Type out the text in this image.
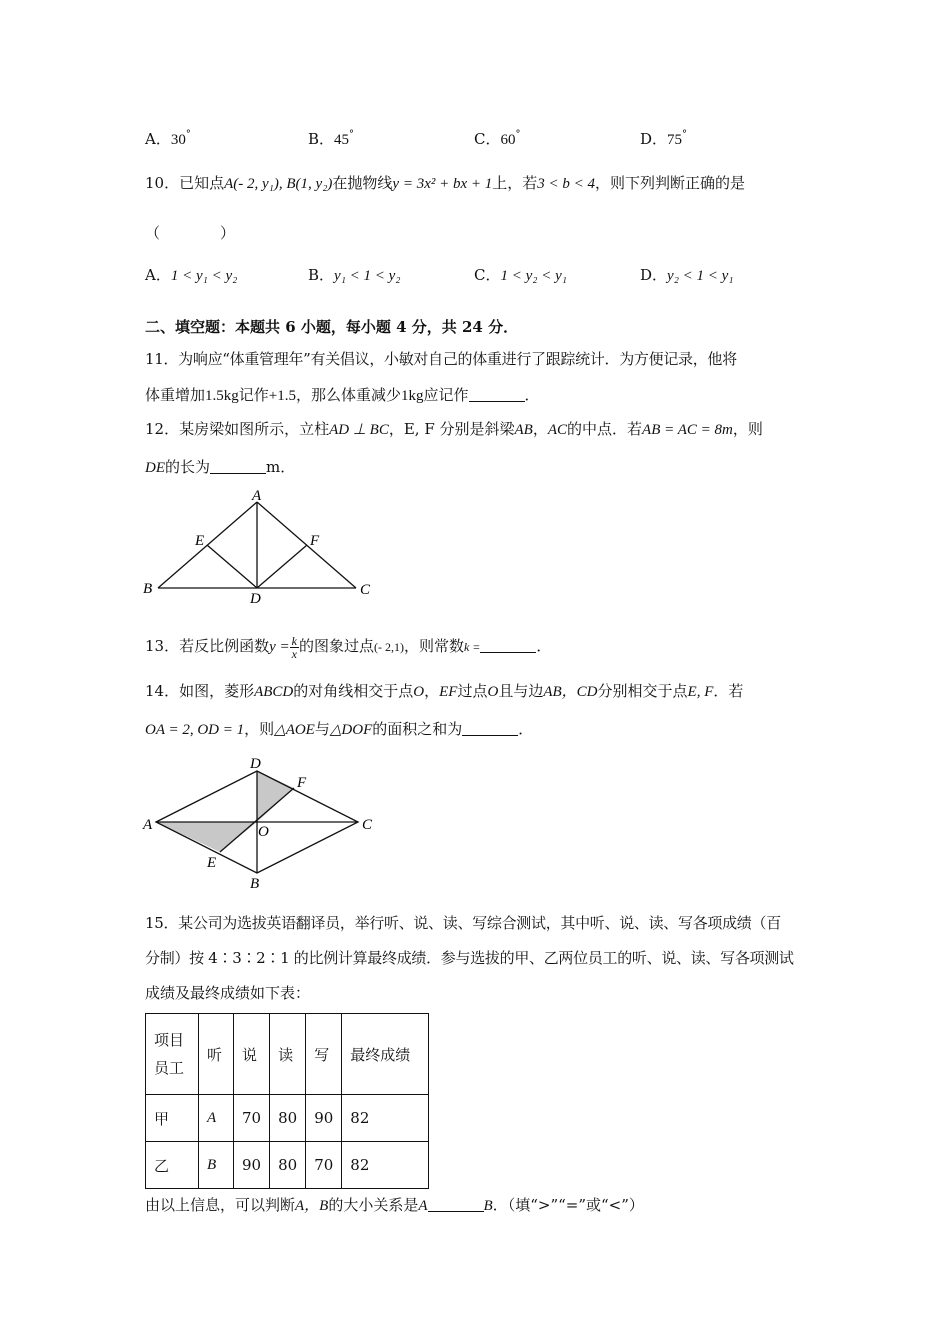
A．30°	B．45°	C．60°	D．75°
10．已知点A(- 2, y₁), B(1, y₂)在抛物线y = 3x² + bx + 1上，若3 < b < 4，则下列判断正确的是
（　　　　）
A．1 < y₁ < y₂	B．y₁ < 1 < y₂	C．1 < y₂ < y₁	D．y₂ < 1 < y₁
二、填空题：本题共 6 小题，每小题 4 分，共 24 分．
11．为响应“体重管理年”有关倡议，小敏对自己的体重进行了跟踪统计．为方便记录，他将
体重增加1.5kg记作+1.5，那么体重减少1kg应记作	．
12．某房梁如图所示，立柱AD ⊥ BC，E, F 分别是斜梁AB，AC的中点．若AB = AC = 8m，则
DE的长为	m．
A
B	C
D
E	F
13．若反比例函数$y = \frac{k}{x}$ 的图象过点(- 2,1)，则常数k =	．
14．如图，菱形ABCD的对角线相交于点O，EF过点O且与边AB，CD分别相交于点E, F．若
OA = 2, OD = 1，则△AOE与△DOF的面积之和为	．
A	C
D
B
E
F
O
15．某公司为选拔英语翻译员，举行听、说、读、写综合测试，其中听、说、读、写各项成绩（百
分制）按 4∶3∶2∶1 的比例计算最终成绩．参与选拔的甲、乙两位员工的听、说、读、写各项测试
成绩及最终成绩如下表：
项目
员工	听	说	读	写	最终成绩
甲	A	70	80	90	82
乙	B	90	80	70	82
由以上信息，可以判断A，B的大小关系是A	B．（填“>”“=”或“<”）
